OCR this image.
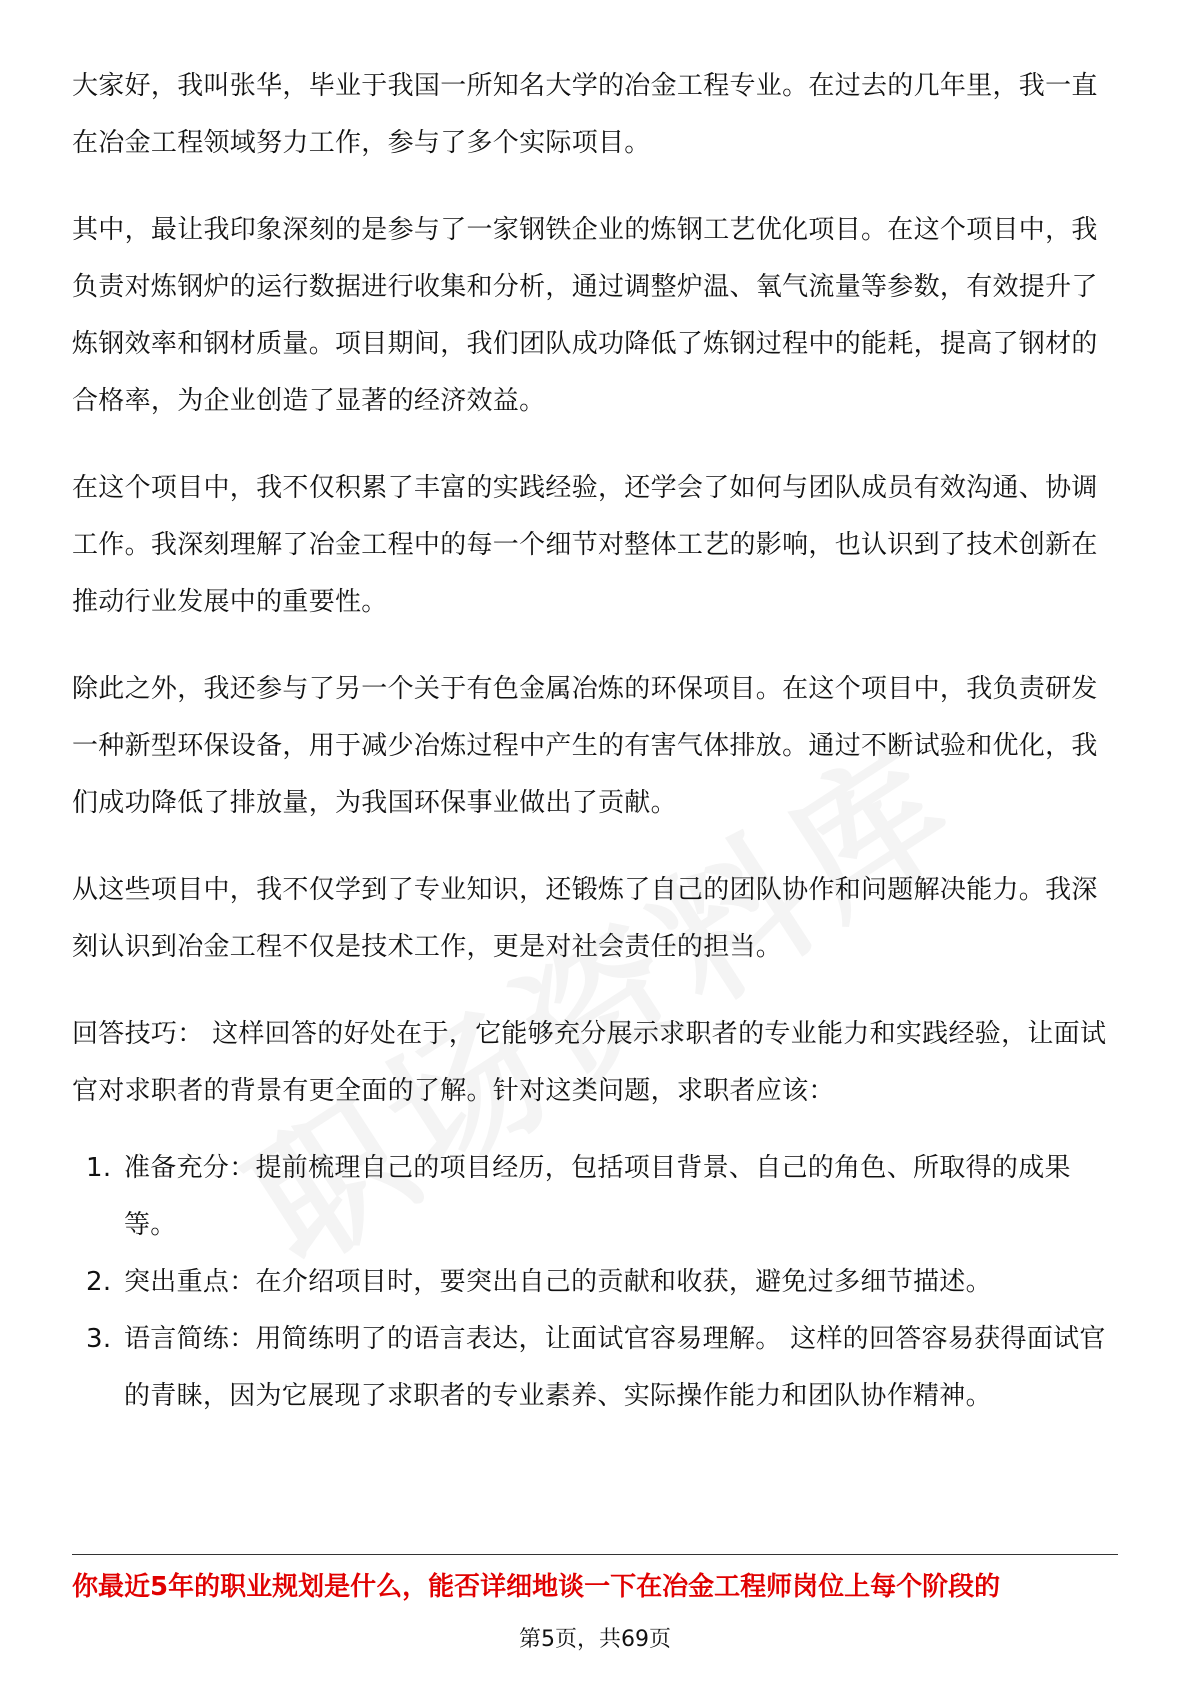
大家好，我叫张华，毕业于我国一所知名大学的冶金工程专业。在过去的几年里，我一直在冶金工程领域努力工作，参与了多个实际项目。

其中，最让我印象深刻的是参与了一家钢铁企业的炼钢工艺优化项目。在这个项目中，我负责对炼钢炉的运行数据进行收集和分析，通过调整炉温、氧气流量等参数，有效提升了炼钢效率和钢材质量。项目期间，我们团队成功降低了炼钢过程中的能耗，提高了钢材的合格率，为企业创造了显著的经济效益。

在这个项目中，我不仅积累了丰富的实践经验，还学会了如何与团队成员有效沟通、协调工作。我深刻理解了冶金工程中的每一个细节对整体工艺的影响，也认识到了技术创新在推动行业发展中的重要性。

除此之外，我还参与了另一个关于有色金属冶炼的环保项目。在这个项目中，我负责研发一种新型环保设备，用于减少冶炼过程中产生的有害气体排放。通过不断试验和优化，我们成功降低了排放量，为我国环保事业做出了贡献。

从这些项目中，我不仅学到了专业知识，还锻炼了自己的团队协作和问题解决能力。我深刻认识到冶金工程不仅是技术工作，更是对社会责任的担当。

回答技巧： 这样回答的好处在于，它能够充分展示求职者的专业能力和实践经验，让面试官对求职者的背景有更全面的了解。针对这类问题，求职者应该：

1. 准备充分：提前梳理自己的项目经历，包括项目背景、自己的角色、所取得的成果等。
2. 突出重点：在介绍项目时，要突出自己的贡献和收获，避免过多细节描述。
3. 语言简练：用简练明了的语言表达，让面试官容易理解。 这样的回答容易获得面试官的青睐，因为它展现了求职者的专业素养、实际操作能力和团队协作精神。
你最近5年的职业规划是什么，能否详细地谈一下在冶金工程师岗位上每个阶段的
第5页，共69页
